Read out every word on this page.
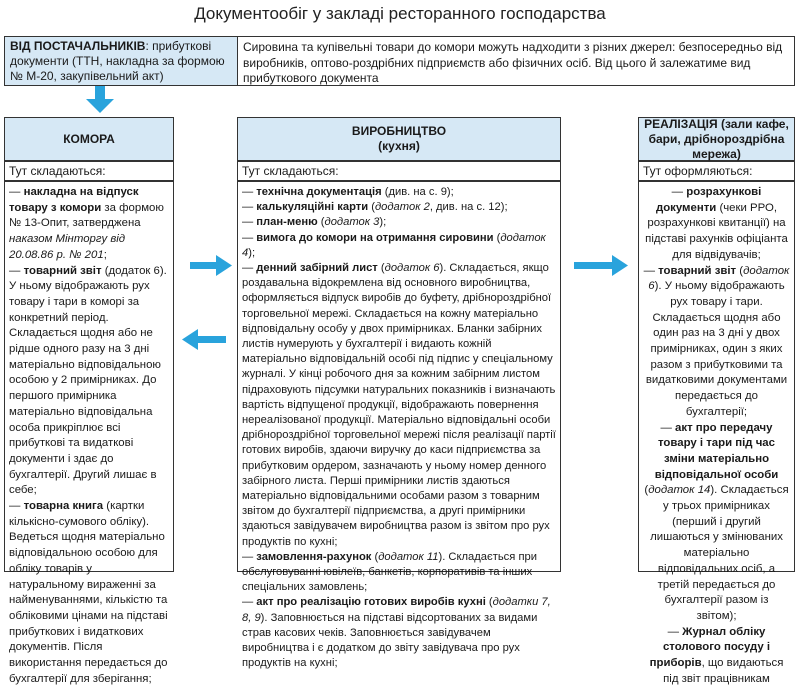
Документообіг у закладі ресторанного господарства
ВІД ПОСТАЧАЛЬНИКІВ: прибуткові документи (ТТН, накладна за формою № М-20, закупівельний акт)
Сировина та купівельні товари до комори можуть надходити з різних джерел: безпосередньо від виробників, оптово-роздрібних підприємств або фізичних осіб. Від цього й залежатиме вид прибуткового документа
КОМОРА
Тут складаються:

— накладна на відпуск товару з комори за формою № 13-Опит, затверджена наказом Мінторгу від 20.08.86 р. № 201;

— товарний звіт (додаток 6).

У ньому відображають рух товару і тари в коморі за конкретний період. Складається щодня або не рідше одного разу на 3 дні матеріально відповідальною особою у 2 примірниках. До першого примірника матеріально відповідальна особа прикріплює всі прибуткові та видаткові документи і здає до бухгалтерії. Другий лишає в себе;

— товарна книга (картки кількісно-сумового обліку). Ведеться щодня матеріально відповідальною особою для обліку товарів у натуральному вираженні за найменуваннями, кількістю та обліковими цінами на підставі прибуткових і видаткових документів. Після використання передається до бухгалтерії для зберігання;

ВИРОБНИЦТВО
(кухня)
Тут складаються:

— технічна документація (див. на с. 9);

— калькуляційні карти (додаток 2, див. на с. 12);

— план-меню (додаток 3);

— вимога до комори на отримання сировини (додаток 4);

— денний забірний лист (додаток 6). Складається, якщо роздавальна відокремлена від основного виробництва, оформляється відпуск виробів до буфету, дрібнороздрібної торговельної мережі. Складається на кожну матеріально відповідальну особу у двох примірниках. Бланки забірних листів нумерують у бухгалтерії і видають кожній матеріально відповідальній особі під підпис у спеціальному журналі. У кінці робочого дня за кожним забірним листом підраховують підсумки натуральних показників і визначають вартість відпущеної продукції, відображають повернення нереалізованої продукції. Матеріально відповідальні особи дрібнороздрібної торговельної мережі після реалізації партії готових виробів, здаючи виручку до каси підприємства за прибутковим ордером, зазначають у ньому номер денного забірного листа. Перші примірники листів здаються матеріально відповідальними особами разом з товарним звітом до бухгалтерії підприємства, а другі примірники здаються завідувачем виробництва разом із звітом про рух продуктів по кухні;

— замовлення-рахунок (додаток 11). Складається при обслуговуванні ювілеїв, банкетів, корпоративів та інших спеціальних замовлень;

— акт про реалізацію готових виробів кухні (додатки 7, 8, 9). Заповнюється на підставі відсортованих за видами страв касових чеків. Заповнюється завідувачем виробництва і є додатком до звіту завідувача про рух продуктів на кухні;

РЕАЛІЗАЦІЯ (зали кафе, бари, дрібнороздрібна мережа)
Тут оформляються:

— розрахункові документи (чеки РРО, розрахункові квитанції) на підставі рахунків офіціанта для відвідувачів;

— товарний звіт (додаток 6). У ньому відображають рух товару і тари. Складається щодня або один раз на 3 дні у двох примірниках, один з яких разом з прибутковими та видатковими документами передається до бухгалтерії;

— акт про передачу товару і тари під час зміни матеріально відповідальної особи (додаток 14). Складається у трьох примірниках (перший і другий лишаються у змінюваних матеріально відповідальних осіб, а третій передається до бухгалтерії разом із звітом);

— Журнал обліку столового посуду і приборів, що видаються під звіт працівникам
